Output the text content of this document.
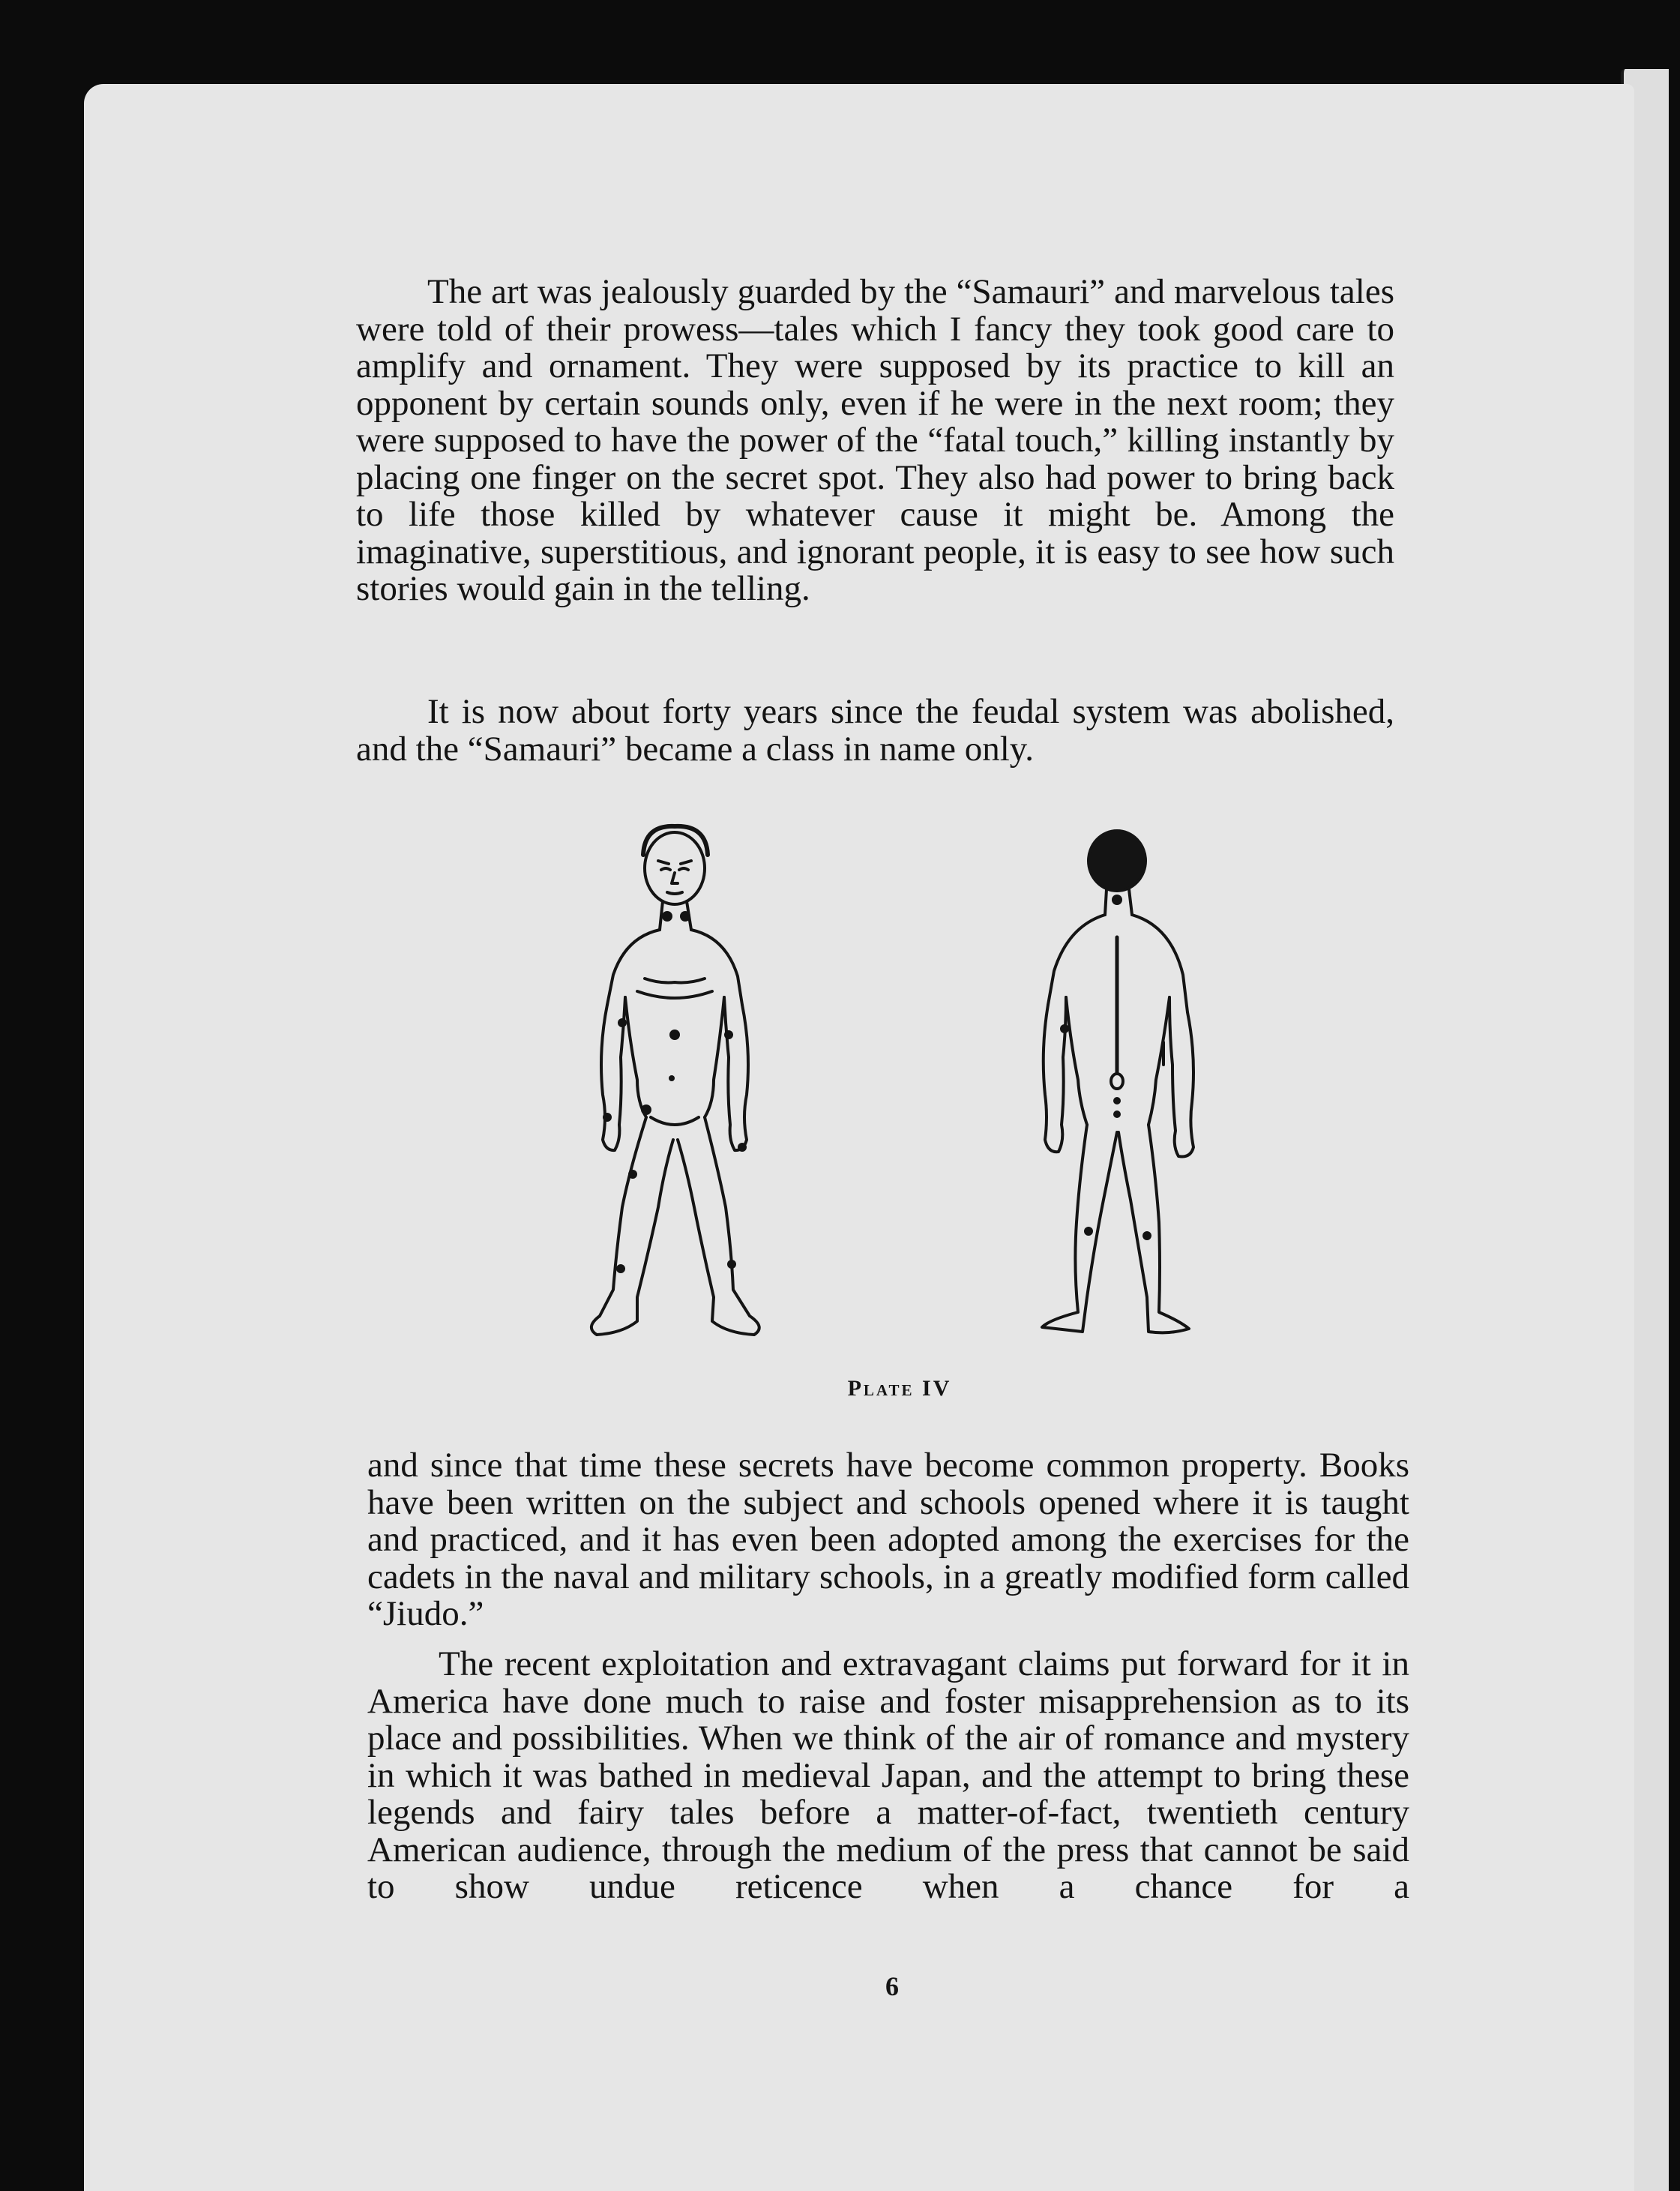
The art was jealously guarded by the “Samauri” and marvelous tales were told of their prowess—tales which I fancy they took good care to amplify and ornament. They were supposed by its practice to kill an opponent by certain sounds only, even if he were in the next room; they were supposed to have the power of the “fatal touch,” killing instantly by placing one finger on the secret spot. They also had power to bring back to life those killed by whatever cause it might be. Among the imaginative, superstitious, and ignorant people, it is easy to see how such stories would gain in the telling.

It is now about forty years since the feudal system was abolished, and the “Samauri” became a class in name only.

Plate IV

and since that time these secrets have become common property. Books have been written on the subject and schools opened where it is taught and practiced, and it has even been adopted among the exercises for the cadets in the naval and military schools, in a greatly modified form called “Jiudo.”

The recent exploitation and extravagant claims put forward for it in America have done much to raise and foster misapprehension as to its place and possibilities. When we think of the air of romance and mystery in which it was bathed in medieval Japan, and the attempt to bring these legends and fairy tales before a matter-of-fact, twentieth century American audience, through the medium of the press that cannot be said to show undue reticence when a chance for a

6
